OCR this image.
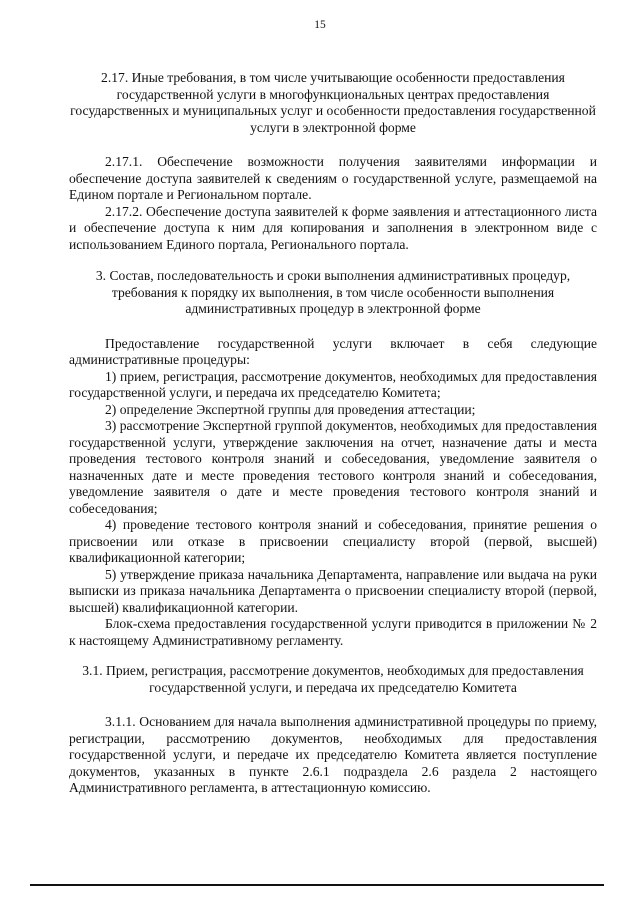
15

2.17. Иные требования, в том числе учитывающие особенности предоставления государственной услуги в многофункциональных центрах предоставления государственных и муниципальных услуг и особенности предоставления государственной услуги в электронной форме

2.17.1. Обеспечение возможности получения заявителями информации и обеспечение доступа заявителей к сведениям о государственной услуге, размещаемой на Едином портале и Региональном портале.

2.17.2. Обеспечение доступа заявителей к форме заявления и аттестационного листа и обеспечение доступа к ним для копирования и заполнения в электронном виде с использованием Единого портала, Регионального портала.

3. Состав, последовательность и сроки выполнения административных процедур, требования к порядку их выполнения, в том числе особенности выполнения административных процедур в электронной форме

Предоставление государственной услуги включает в себя следующие административные процедуры:

1) прием, регистрация, рассмотрение документов, необходимых для предоставления государственной услуги, и передача их председателю Комитета;

2) определение Экспертной группы для проведения аттестации;

3) рассмотрение Экспертной группой документов, необходимых для предоставления государственной услуги, утверждение заключения на отчет, назначение даты и места проведения тестового контроля знаний и собеседования, уведомление заявителя о назначенных дате и месте проведения тестового контроля знаний и собеседования, уведомление заявителя о дате и месте проведения тестового контроля знаний и собеседования;

4) проведение тестового контроля знаний и собеседования, принятие решения о присвоении или отказе в присвоении специалисту второй (первой, высшей) квалификационной категории;

5) утверждение приказа начальника Департамента, направление или выдача на руки выписки из приказа начальника Департамента о присвоении специалисту второй (первой, высшей) квалификационной категории.

Блок-схема предоставления государственной услуги приводится в приложении № 2 к настоящему Административному регламенту.

3.1. Прием, регистрация, рассмотрение документов, необходимых для предоставления государственной услуги, и передача их председателю Комитета

3.1.1. Основанием для начала выполнения административной процедуры по приему, регистрации, рассмотрению документов, необходимых для предоставления государственной услуги, и передаче их председателю Комитета является поступление документов, указанных в пункте 2.6.1 подраздела 2.6 раздела 2 настоящего Административного регламента, в аттестационную комиссию.
